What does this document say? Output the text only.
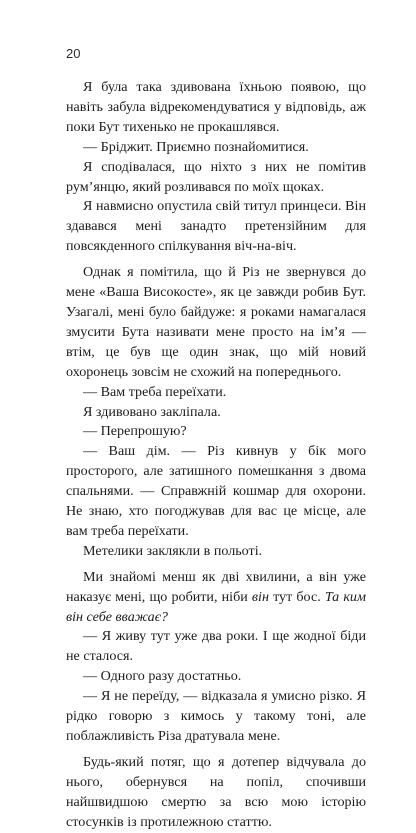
20

Я була така здивована їхньою появою, що навіть забула відрекомендуватися у відповідь, аж поки Бут тихенько не прокашлявся.

— Бріджит. Приємно познайомитися.

Я сподівалася, що ніхто з них не помітив рум’янцю, який розливався по моїх щоках.

Я навмисно опустила свій титул принцеси. Він здавався мені занадто претензійним для повсякденного спілкування віч-на-віч.

Однак я помітила, що й Різ не звернувся до мене «Ваша Високосте», як це завжди робив Бут. Узагалі, мені було байдуже: я роками намагалася змусити Бута називати мене просто на ім’я — втім, це був ще один знак, що мій новий охоронець зовсім не схожий на попереднього.

— Вам треба переїхати.

Я здивовано закліпала.

— Перепрошую?

— Ваш дім. — Різ кивнув у бік мого просторого, але затишного помешкання з двома спальнями. — Справжній кошмар для охорони. Не знаю, хто погоджував для вас це місце, але вам треба переїхати.

Метелики заклякли в польоті.

Ми знайомі менш як дві хвилини, а він уже наказує мені, що робити, ніби він тут бос. Та ким він себе вважає?

— Я живу тут уже два роки. І ще жодної біди не сталося.

— Одного разу достатньо.

— Я не переїду, — відказала я умисно різко. Я рідко говорю з кимось у такому тоні, але поблажливість Різа дратувала мене.

Будь-який потяг, що я дотепер відчувала до нього, обернувся на попіл, спочивши найшвидшою смертю за всю мою історію стосунків із протилежною статтю.
